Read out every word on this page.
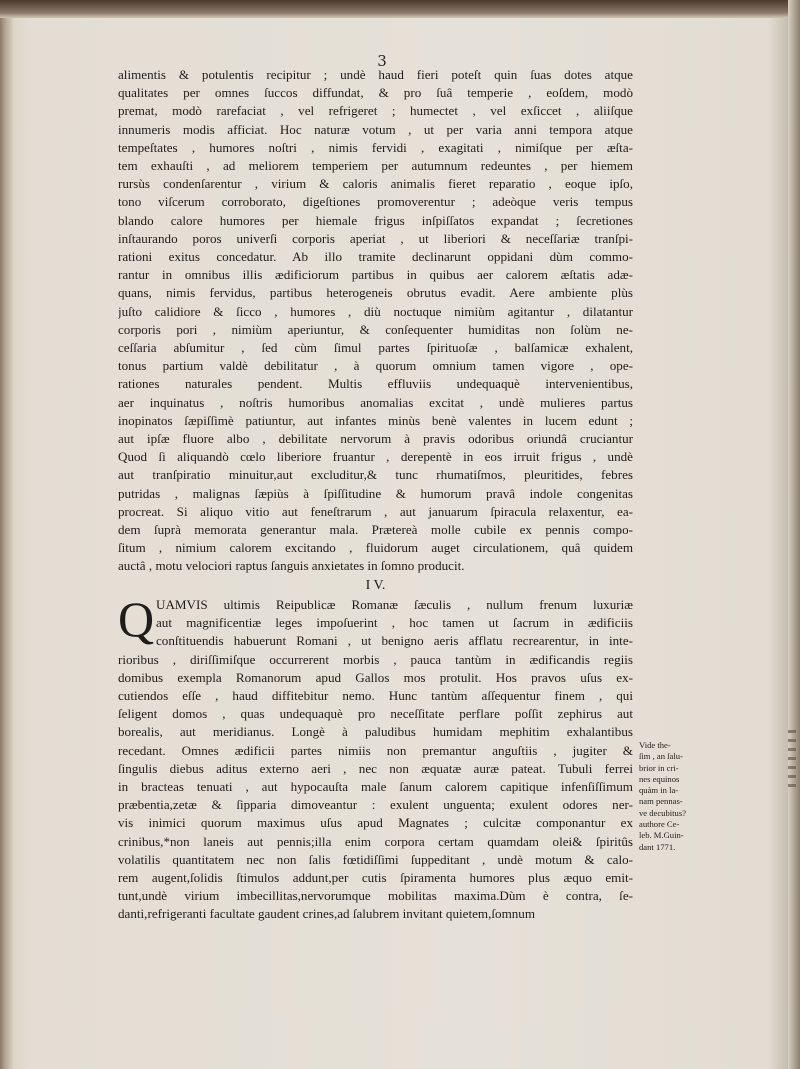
3
alimentis & potulentis recipitur ; undè haud fieri poteſt quin ſuas dotes atque
qualitates per omnes ſuccos diffundat, & pro ſuâ temperie , eoſdem, modò
premat, modò rarefaciat , vel refrigeret ; humectet , vel exſiccet , aliiſque
innumeris modis afficiat. Hoc naturæ votum , ut per varia anni tempora atque
tempeſtates , humores noſtri , nimis fervidi , exagitati , nimiſque per æſta-
tem exhauſti , ad meliorem temperiem per autumnum redeuntes , per hiemem
rursùs condenſarentur , virium & caloris animalis fieret reparatio , eoque ipſo,
tono viſcerum corroborato, digeſtiones promoverentur ; adeòque veris tempus
blando calore humores per hiemale frigus inſpiſſatos expandat ; ſecretiones
inſtaurando poros univerſi corporis aperiat , ut liberiori & neceſſariæ tranſpi-
rationi exitus concedatur. Ab illo tramite declinarunt oppidani dùm commo-
rantur in omnibus illis ædificiorum partibus in quibus aer calorem æſtatis adæ-
quans, nimis fervidus, partibus heterogeneis obrutus evadit. Aere ambiente plùs
juſto calidiore & ſicco , humores , diù noctuque nimiùm agitantur , dilatantur
corporis pori , nimiùm aperiuntur, & conſequenter humiditas non ſolùm ne-
ceſſaria abſumitur , ſed cùm ſimul partes ſpirituoſæ , balſamicæ exhalent,
tonus partium valdè debilitatur , à quorum omnium tamen vigore , ope-
rationes naturales pendent. Multis effluviis undequaquè intervenientibus,
aer inquinatus , noſtris humoribus anomalias excitat , undè mulieres partus
inopinatos ſæpiſſimè patiuntur, aut infantes minùs benè valentes in lucem edunt ;
aut ipſæ fluore albo , debilitate nervorum à pravis odoribus oriundâ cruciantur
Quod ſi aliquandò cœlo liberiore fruantur , derepentè in eos irruit frigus , undè
aut tranſpiratio minuitur,aut excluditur,& tunc rhumatiſmos, pleuritides, febres
putridas , malignas ſæpiùs à ſpiſſitudine & humorum pravâ indole congenitas
procreat. Si aliquo vitio aut feneſtrarum , aut januarum ſpiracula relaxentur, ea-
dem ſuprà memorata generantur mala. Prætereà molle cubile ex pennis compo-
ſitum , nimium calorem excitando , fluidorum auget circulationem, quâ quidem
auctâ , motu velociori raptus ſanguis anxietates in ſomno producit.
I V.
Q UAMVIS ultimis Reipublicæ Romanæ ſæculis , nullum frenum luxuriæ
aut magnificentiæ leges impoſuerint , hoc tamen ut ſacrum in ædificiis
conſtituendis habuerunt Romani , ut benigno aeris afflatu recrearentur, in inte-
rioribus , diriſſimiſque occurrerent morbis , pauca tantùm in ædificandis regiis
domibus exempla Romanorum apud Gallos mos protulit. Hos pravos uſus ex-
cutiendos eſſe , haud diffitebitur nemo. Hunc tantùm aſſequentur finem , qui
ſeligent domos , quas undequaquè pro neceſſitate perflare poſſit zephirus aut
borealis, aut meridianus. Longè à paludibus humidam mephitim exhalantibus
recedant. Omnes ædificii partes nimiis non premantur anguſtiis , jugiter &
ſingulis diebus aditus externo aeri , nec non æquatæ auræ pateat. Tubuli ferrei
in bracteas tenuati , aut hypocauſta male ſanum calorem capitique infenſiſſimum
præbentia,zetæ & ſipparia dimoveantur : exulent unguenta; exulent odores ner-
vis inimici quorum maximus uſus apud Magnates ; culcitæ componantur ex
crinibus,*non laneis aut pennis;illa enim corpora certam quamdam olei& ſpiritûs
volatilis quantitatem nec non ſalis fœtidiſſimi ſuppeditant , undè motum & calo-
rem augent,ſolidis ſtimulos addunt,per cutis ſpiramenta humores plus æquo emit-
tunt,undè virium imbecillitas,nervorumque mobilitas maxima.Dùm è contra, ſe-
danti,refrigeranti facultate gaudent crines,ad ſalubrem invitant quietem,ſomnum
Vide the-
ſim , an ſalu-
brior in cri-
nes equinos
quàm in la-
nam pennas-
ve decubitus?
authore Ce-
leb. M.Guin-
dant 1771.
